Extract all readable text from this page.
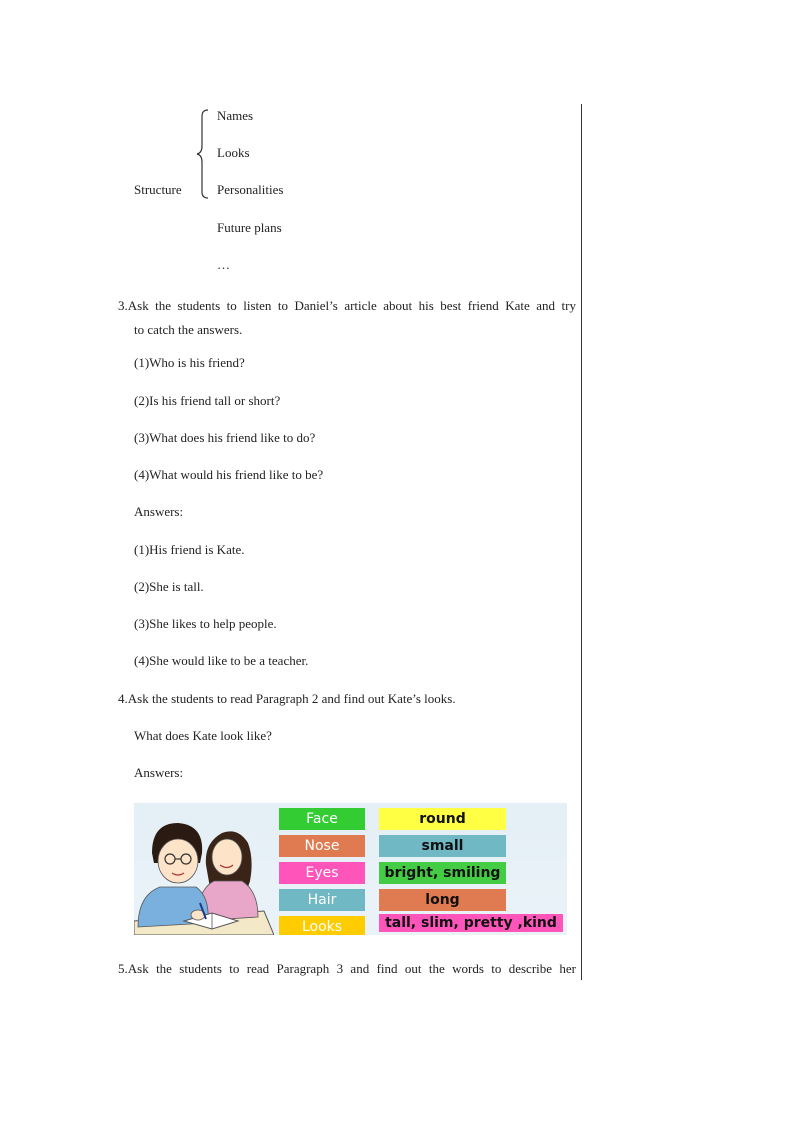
Structure
Names
Looks
Personalities
Future plans
…
3.Ask the students to listen to Daniel’s article about his best friend Kate and try
to catch the answers.
(1)Who is his friend?
(2)Is his friend tall or short?
(3)What does his friend like to do?
(4)What would his friend like to be?
Answers:
(1)His friend is Kate.
(2)She is tall.
(3)She likes to help people.
(4)She would like to be a teacher.
4.Ask the students to read Paragraph 2 and find out Kate’s looks.
What does Kate look like?
Answers:
Face	round
Nose	small
Eyes	bright, smiling
Hair	long
Looks	tall, slim, pretty ,kind
5.Ask the students to read Paragraph 3 and find out the words to describe her
